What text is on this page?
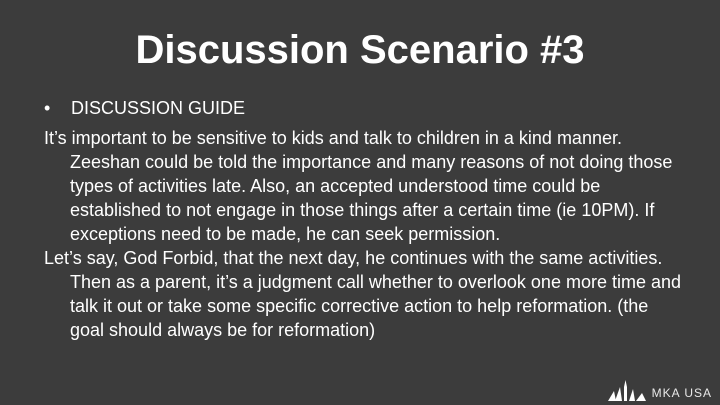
Discussion Scenario #3
•	DISCUSSION GUIDE

It’s important to be sensitive to kids and talk to children in a kind manner. Zeeshan could be told the importance and many reasons of not doing those types of activities late. Also, an accepted understood time could be established to not engage in those things after a certain time (ie 10PM). If exceptions need to be made, he can seek permission.

Let’s say, God Forbid, that the next day, he continues with the same activities. Then as a parent, it’s a judgment call whether to overlook one more time and talk it out or take some specific corrective action to help reformation. (the goal should always be for reformation)

MKA USA
